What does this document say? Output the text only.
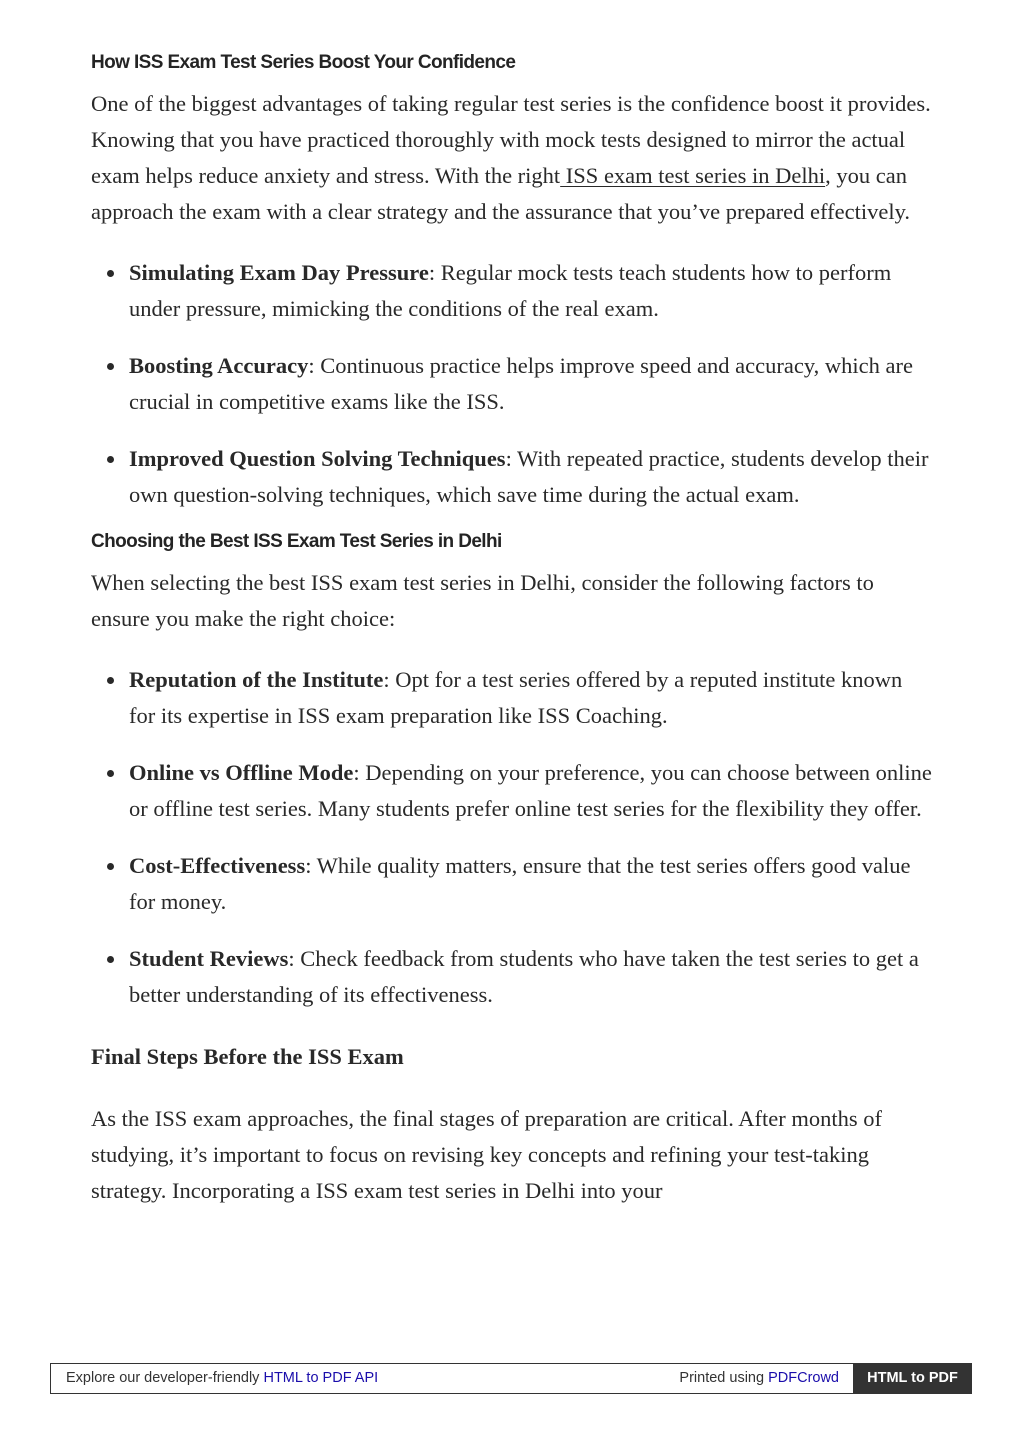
How ISS Exam Test Series Boost Your Confidence

One of the biggest advantages of taking regular test series is the confidence boost it provides. Knowing that you have practiced thoroughly with mock tests designed to mirror the actual exam helps reduce anxiety and stress. With the right ISS exam test series in Delhi, you can approach the exam with a clear strategy and the assurance that you’ve prepared effectively.

Simulating Exam Day Pressure: Regular mock tests teach students how to perform under pressure, mimicking the conditions of the real exam.
Boosting Accuracy: Continuous practice helps improve speed and accuracy, which are crucial in competitive exams like the ISS.
Improved Question Solving Techniques: With repeated practice, students develop their own question-solving techniques, which save time during the actual exam.
Choosing the Best ISS Exam Test Series in Delhi

When selecting the best ISS exam test series in Delhi, consider the following factors to ensure you make the right choice:

Reputation of the Institute: Opt for a test series offered by a reputed institute known for its expertise in ISS exam preparation like ISS Coaching.
Online vs Offline Mode: Depending on your preference, you can choose between online or offline test series. Many students prefer online test series for the flexibility they offer.
Cost-Effectiveness: While quality matters, ensure that the test series offers good value for money.
Student Reviews: Check feedback from students who have taken the test series to get a better understanding of its effectiveness.
Final Steps Before the ISS Exam

As the ISS exam approaches, the final stages of preparation are critical. After months of studying, it’s important to focus on revising key concepts and refining your test-taking strategy. Incorporating a ISS exam test series in Delhi into your

Explore our developer-friendly HTML to PDF API	Printed using PDFCrowd	HTML to PDF
